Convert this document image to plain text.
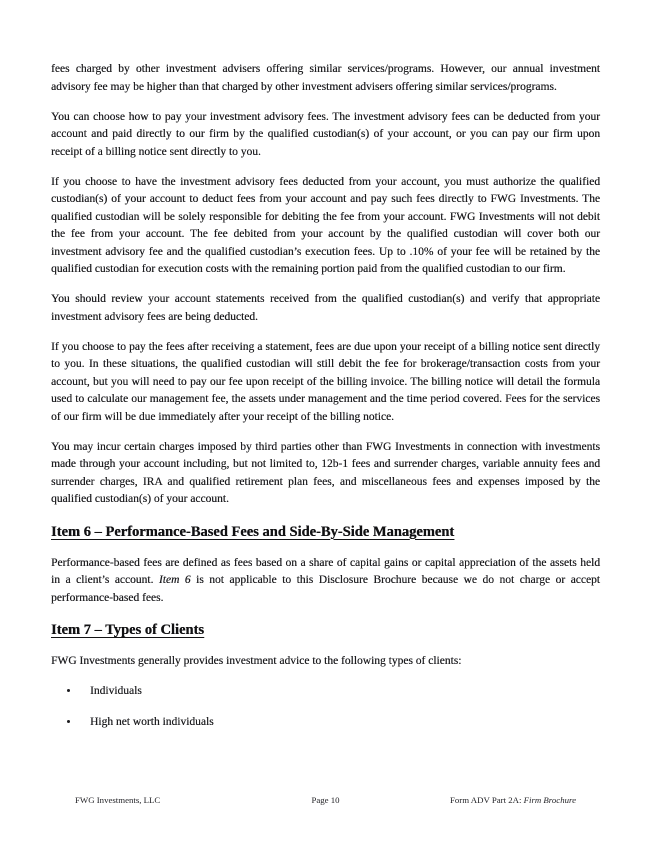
fees charged by other investment advisers offering similar services/programs. However, our annual investment advisory fee may be higher than that charged by other investment advisers offering similar services/programs.

You can choose how to pay your investment advisory fees. The investment advisory fees can be deducted from your account and paid directly to our firm by the qualified custodian(s) of your account, or you can pay our firm upon receipt of a billing notice sent directly to you.

If you choose to have the investment advisory fees deducted from your account, you must authorize the qualified custodian(s) of your account to deduct fees from your account and pay such fees directly to FWG Investments. The qualified custodian will be solely responsible for debiting the fee from your account. FWG Investments will not debit the fee from your account. The fee debited from your account by the qualified custodian will cover both our investment advisory fee and the qualified custodian’s execution fees. Up to .10% of your fee will be retained by the qualified custodian for execution costs with the remaining portion paid from the qualified custodian to our firm.

You should review your account statements received from the qualified custodian(s) and verify that appropriate investment advisory fees are being deducted.

If you choose to pay the fees after receiving a statement, fees are due upon your receipt of a billing notice sent directly to you. In these situations, the qualified custodian will still debit the fee for brokerage/transaction costs from your account, but you will need to pay our fee upon receipt of the billing invoice. The billing notice will detail the formula used to calculate our management fee, the assets under management and the time period covered. Fees for the services of our firm will be due immediately after your receipt of the billing notice.

You may incur certain charges imposed by third parties other than FWG Investments in connection with investments made through your account including, but not limited to, 12b-1 fees and surrender charges, variable annuity fees and surrender charges, IRA and qualified retirement plan fees, and miscellaneous fees and expenses imposed by the qualified custodian(s) of your account.

Item 6 – Performance-Based Fees and Side-By-Side Management

Performance-based fees are defined as fees based on a share of capital gains or capital appreciation of the assets held in a client’s account. Item 6 is not applicable to this Disclosure Brochure because we do not charge or accept performance-based fees.

Item 7 – Types of Clients

FWG Investments generally provides investment advice to the following types of clients:

• Individuals
• High net worth individuals
FWG Investments, LLC	Page 10	Form ADV Part 2A: Firm Brochure
